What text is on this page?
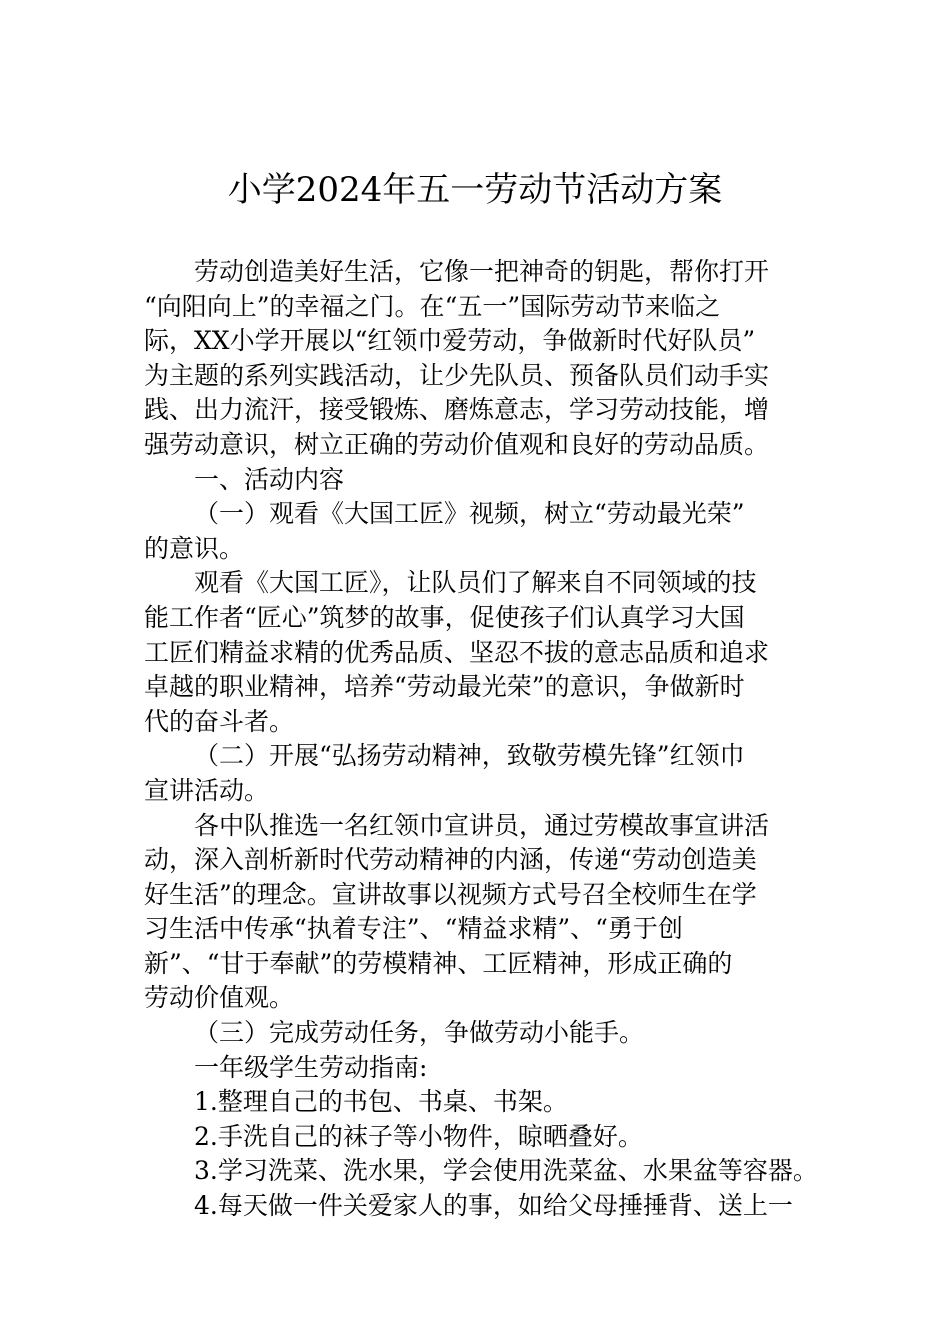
小学2024年五一劳动节活动方案
劳动创造美好生活，它像一把神奇的钥匙，帮你打开
“向阳向上”的幸福之门。在“五一”国际劳动节来临之
际，XX小学开展以“红领巾爱劳动，争做新时代好队员”
为主题的系列实践活动，让少先队员、预备队员们动手实
践、出力流汗，接受锻炼、磨炼意志，学习劳动技能，增
强劳动意识，树立正确的劳动价值观和良好的劳动品质。
一、活动内容
（一）观看《大国工匠》视频，树立“劳动最光荣”
的意识。
观看《大国工匠》，让队员们了解来自不同领域的技
能工作者“匠心”筑梦的故事，促使孩子们认真学习大国
工匠们精益求精的优秀品质、坚忍不拔的意志品质和追求
卓越的职业精神，培养“劳动最光荣”的意识，争做新时
代的奋斗者。
（二）开展“弘扬劳动精神，致敬劳模先锋”红领巾
宣讲活动。
各中队推选一名红领巾宣讲员，通过劳模故事宣讲活
动，深入剖析新时代劳动精神的内涵，传递“劳动创造美
好生活”的理念。宣讲故事以视频方式号召全校师生在学
习生活中传承“执着专注”、“精益求精”、“勇于创
新”、“甘于奉献”的劳模精神、工匠精神，形成正确的
劳动价值观。
（三）完成劳动任务，争做劳动小能手。
一年级学生劳动指南:
1.整理自己的书包、书桌、书架。
2.手洗自己的袜子等小物件，晾晒叠好。
3.学习洗菜、洗水果，学会使用洗菜盆、水果盆等容器。
4.每天做一件关爱家人的事，如给父母捶捶背、送上一
